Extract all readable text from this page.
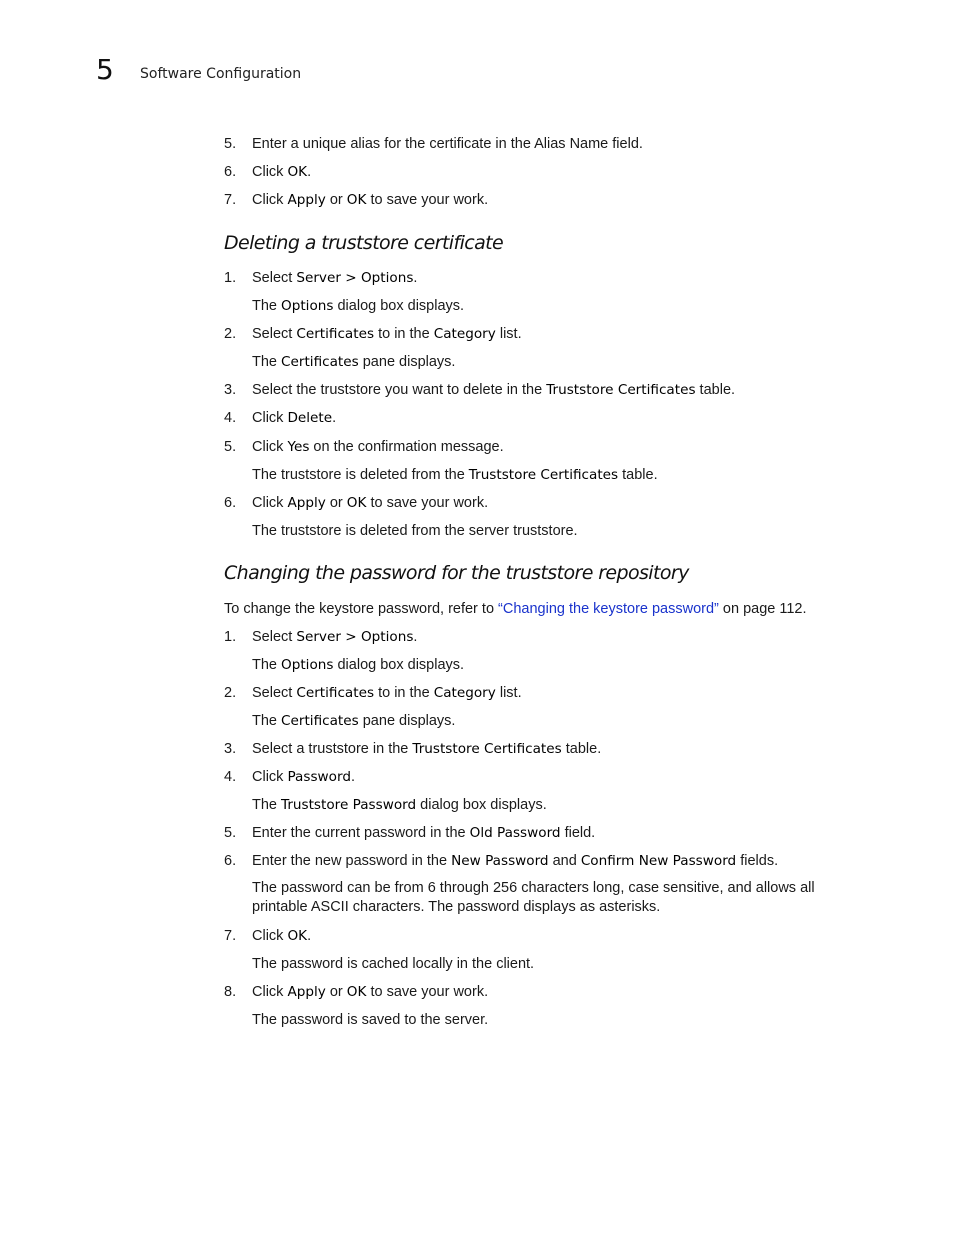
5 Software Configuration
5. Enter a unique alias for the certificate in the Alias Name field.
6. Click OK.
7. Click Apply or OK to save your work.
Deleting a truststore certificate
1. Select Server > Options.
The Options dialog box displays.
2. Select Certificates to in the Category list.
The Certificates pane displays.
3. Select the truststore you want to delete in the Truststore Certificates table.
4. Click Delete.
5. Click Yes on the confirmation message.
The truststore is deleted from the Truststore Certificates table.
6. Click Apply or OK to save your work.
The truststore is deleted from the server truststore.
Changing the password for the truststore repository
To change the keystore password, refer to “Changing the keystore password” on page 112.
1. Select Server > Options.
The Options dialog box displays.
2. Select Certificates to in the Category list.
The Certificates pane displays.
3. Select a truststore in the Truststore Certificates table.
4. Click Password.
The Truststore Password dialog box displays.
5. Enter the current password in the Old Password field.
6. Enter the new password in the New Password and Confirm New Password fields.
The password can be from 6 through 256 characters long, case sensitive, and allows all printable ASCII characters. The password displays as asterisks.
7. Click OK.
The password is cached locally in the client.
8. Click Apply or OK to save your work.
The password is saved to the server.
